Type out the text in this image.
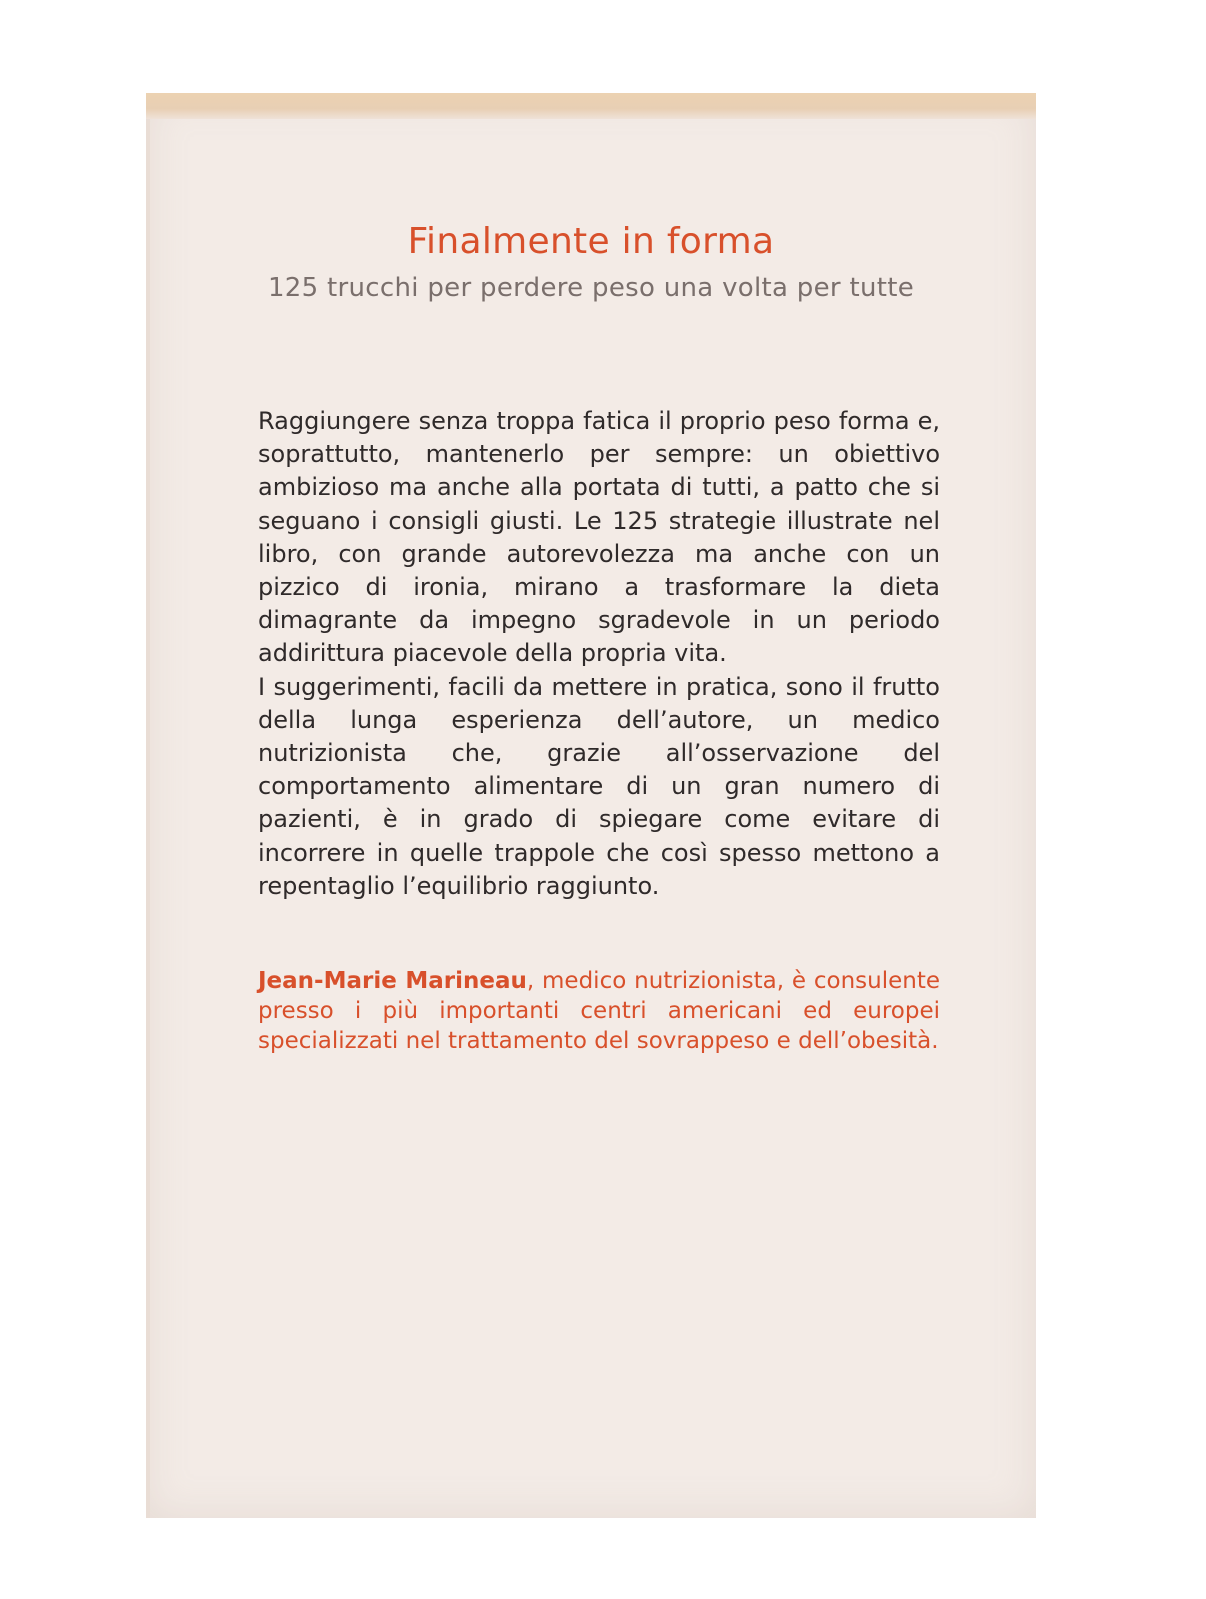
Finalmente in forma
125 trucchi per perdere peso una volta per tutte

Raggiungere senza troppa fatica il proprio peso forma e, soprattutto, mantenerlo per sempre: un obiettivo ambizioso ma anche alla portata di tutti, a patto che si seguano i consigli giusti. Le 125 strategie illustrate nel libro, con grande autorevolezza ma anche con un pizzico di ironia, mirano a trasformare la dieta dimagrante da impegno sgradevole in un periodo addirittura piacevole della propria vita.

I suggerimenti, facili da mettere in pratica, sono il frutto della lunga esperienza dell’autore, un medico nutrizionista che, grazie all’osservazione del comportamento alimentare di un gran numero di pazienti, è in grado di spiegare come evitare di incorrere in quelle trappole che così spesso mettono a repentaglio l’equilibrio raggiunto.

Jean-Marie Marineau, medico nutrizionista, è consulente presso i più importanti centri americani ed europei specializzati nel trattamento del sovrappeso e dell’obesità.
